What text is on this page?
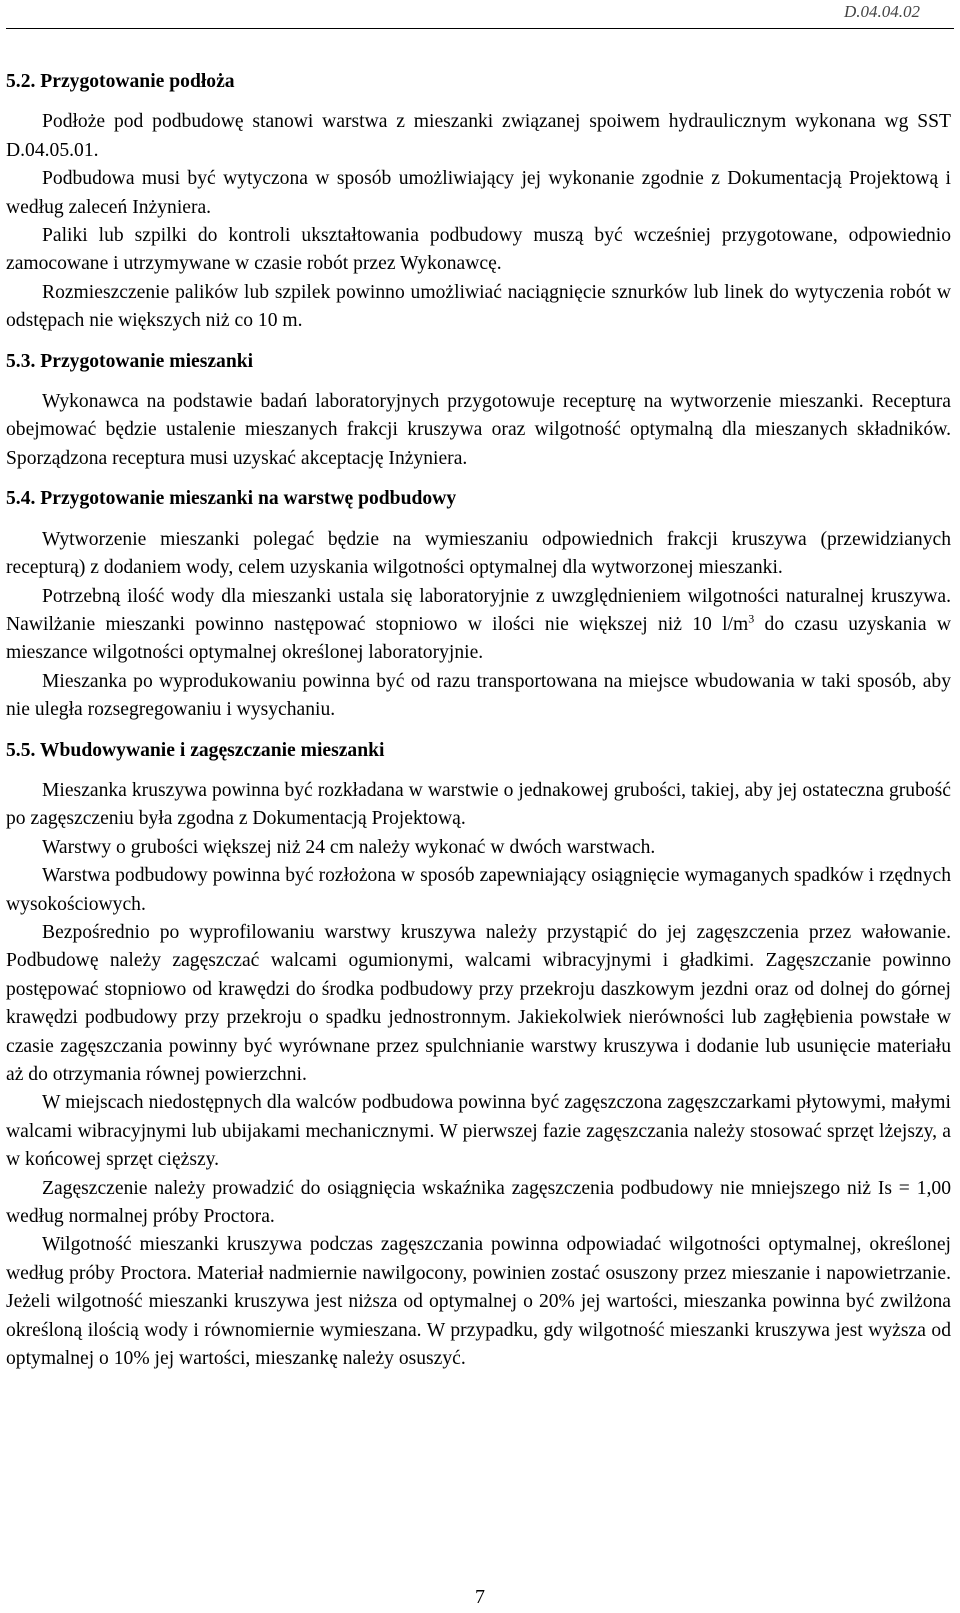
D.04.04.02
5.2. Przygotowanie podłoża

Podłoże pod podbudowę stanowi warstwa z mieszanki związanej spoiwem hydraulicznym wykonana wg SST D.04.05.01.

Podbudowa musi być wytyczona w sposób umożliwiający jej wykonanie zgodnie z Dokumentacją Projektową i według zaleceń Inżyniera.

Paliki lub szpilki do kontroli ukształtowania podbudowy muszą być wcześniej przygotowane, odpowiednio zamocowane i utrzymywane w czasie robót przez Wykonawcę.

Rozmieszczenie palików lub szpilek powinno umożliwiać naciągnięcie sznurków lub linek do wytyczenia robót w odstępach nie większych niż co 10 m.

5.3. Przygotowanie mieszanki

Wykonawca na podstawie badań laboratoryjnych przygotowuje recepturę na wytworzenie mieszanki. Receptura obejmować będzie ustalenie mieszanych frakcji kruszywa oraz wilgotność optymalną dla mieszanych składników. Sporządzona receptura musi uzyskać akceptację Inżyniera.

5.4. Przygotowanie mieszanki na warstwę podbudowy

Wytworzenie mieszanki polegać będzie na wymieszaniu odpowiednich frakcji kruszywa (przewidzianych recepturą) z dodaniem wody, celem uzyskania wilgotności optymalnej dla wytworzonej mieszanki.

Potrzebną ilość wody dla mieszanki ustala się laboratoryjnie z uwzględnieniem wilgotności naturalnej kruszywa. Nawilżanie mieszanki powinno następować stopniowo w ilości nie większej niż 10 $l/m^3$ do czasu uzyskania w mieszance wilgotności optymalnej określonej laboratoryjnie.

Mieszanka po wyprodukowaniu powinna być od razu transportowana na miejsce wbudowania w taki sposób, aby nie uległa rozsegregowaniu i wysychaniu.

5.5. Wbudowywanie i zagęszczanie mieszanki

Mieszanka kruszywa powinna być rozkładana w warstwie o jednakowej grubości, takiej, aby jej ostateczna grubość po zagęszczeniu była zgodna z Dokumentacją Projektową.

Warstwy o grubości większej niż 24 cm należy wykonać w dwóch warstwach.

Warstwa podbudowy powinna być rozłożona w sposób zapewniający osiągnięcie wymaganych spadków i rzędnych wysokościowych.

Bezpośrednio po wyprofilowaniu warstwy kruszywa należy przystąpić do jej zagęszczenia przez wałowanie. Podbudowę należy zagęszczać walcami ogumionymi, walcami wibracyjnymi i gładkimi. Zagęszczanie powinno postępować stopniowo od krawędzi do środka podbudowy przy przekroju daszkowym jezdni oraz od dolnej do górnej krawędzi podbudowy przy przekroju o spadku jednostronnym. Jakiekolwiek nierówności lub zagłębienia powstałe w czasie zagęszczania powinny być wyrównane przez spulchnianie warstwy kruszywa i dodanie lub usunięcie materiału aż do otrzymania równej powierzchni.

W miejscach niedostępnych dla walców podbudowa powinna być zagęszczona zagęszczarkami płytowymi, małymi walcami wibracyjnymi lub ubijakami mechanicznymi. W pierwszej fazie zagęszczania należy stosować sprzęt lżejszy, a w końcowej sprzęt cięższy.

Zagęszczenie należy prowadzić do osiągnięcia wskaźnika zagęszczenia podbudowy nie mniejszego niż Is = 1,00 według normalnej próby Proctora.

Wilgotność mieszanki kruszywa podczas zagęszczania powinna odpowiadać wilgotności optymalnej, określonej według próby Proctora. Materiał nadmiernie nawilgocony, powinien zostać osuszony przez mieszanie i napowietrzanie. Jeżeli wilgotność mieszanki kruszywa jest niższa od optymalnej o 20% jej wartości, mieszanka powinna być zwilżona określoną ilością wody i równomiernie wymieszana. W przypadku, gdy wilgotność mieszanki kruszywa jest wyższa od optymalnej o 10% jej wartości, mieszankę należy osuszyć.

7
